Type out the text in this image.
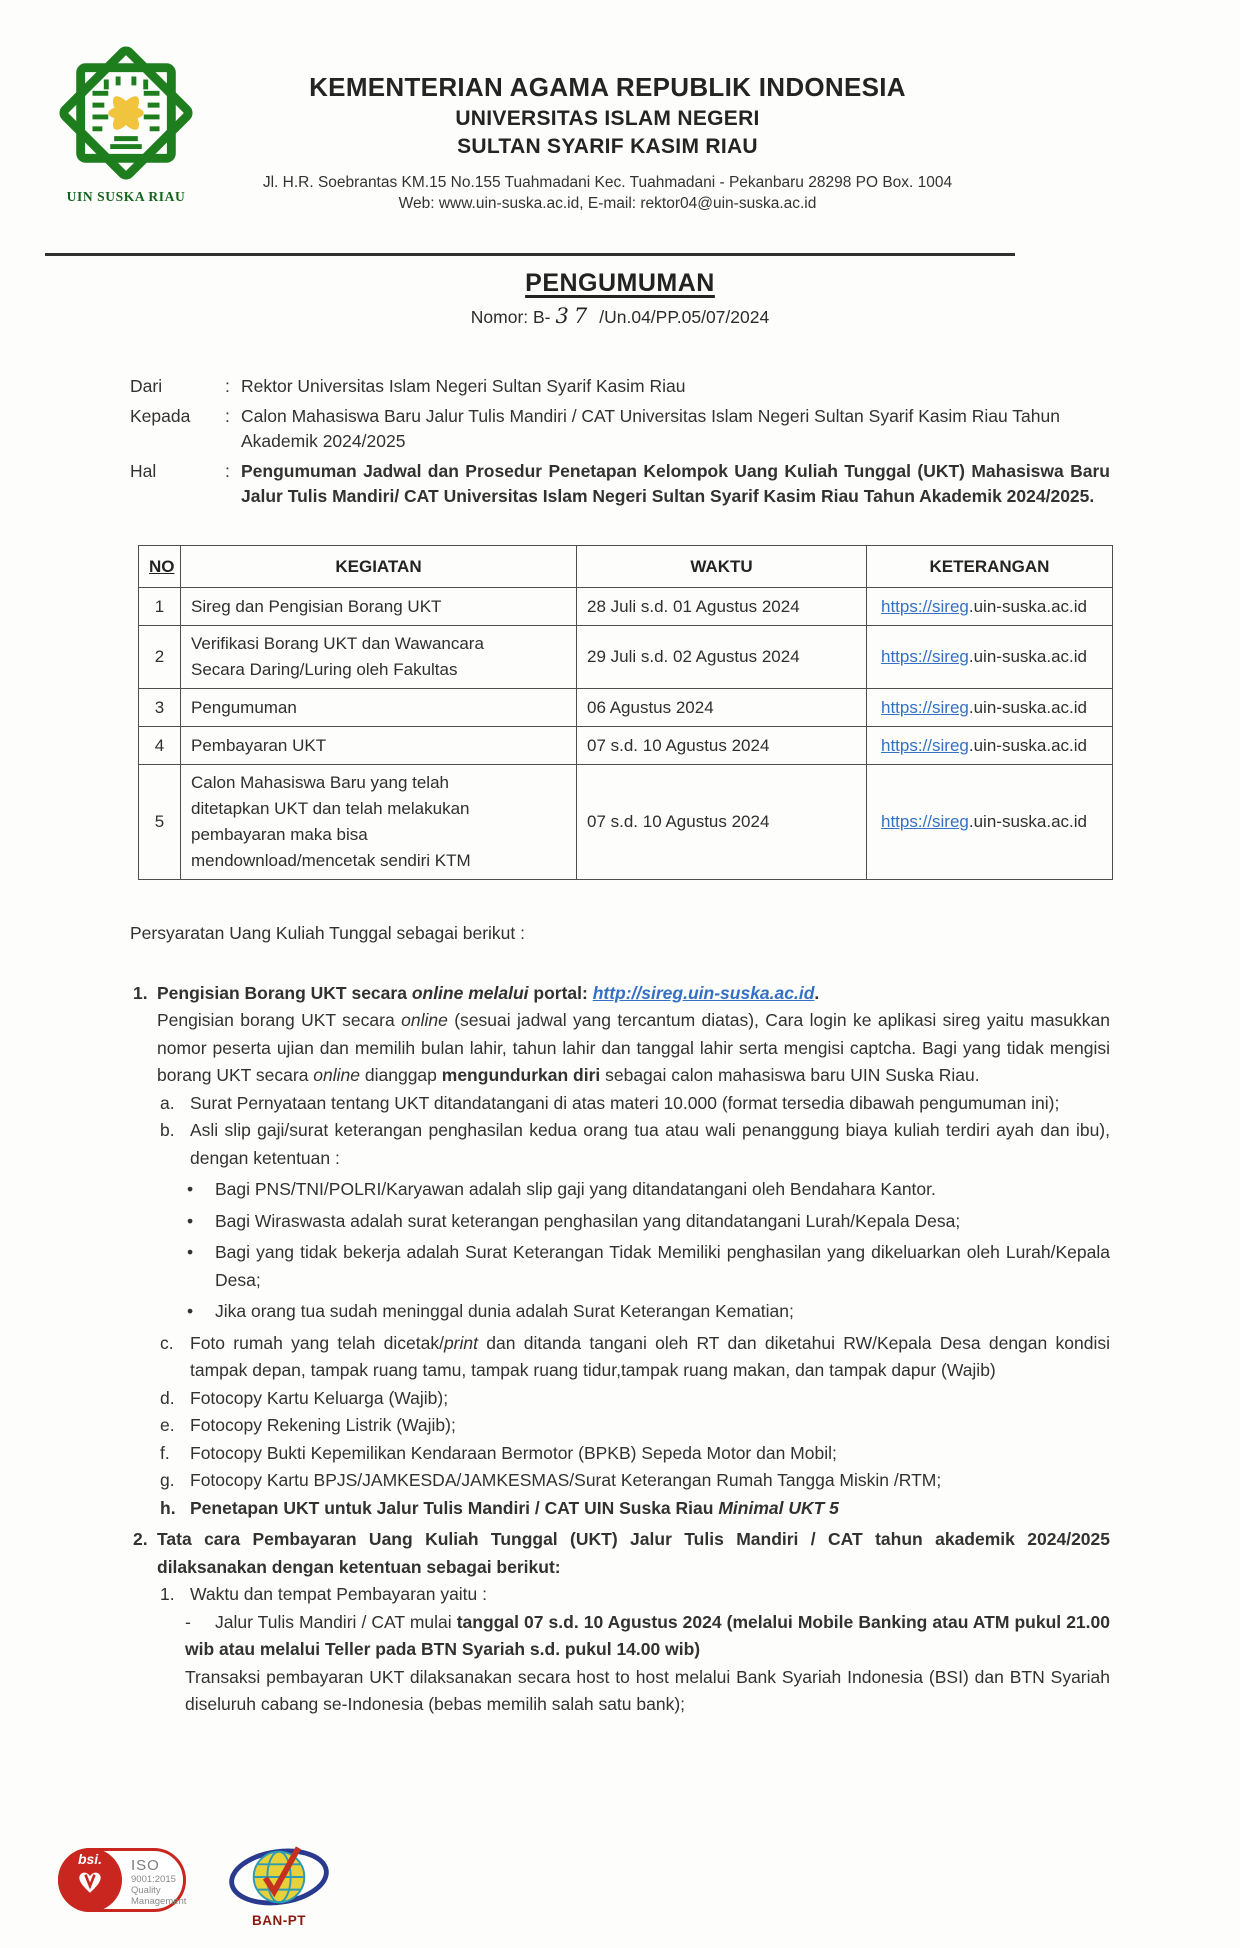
UIN SUSKA RIAU
KEMENTERIAN AGAMA REPUBLIK INDONESIA
UNIVERSITAS ISLAM NEGERI
SULTAN SYARIF KASIM RIAU
Jl. H.R. Soebrantas KM.15 No.155 Tuahmadani Kec. Tuahmadani - Pekanbaru 28298 PO Box. 1004
Web: www.uin-suska.ac.id, E-mail: rektor04@uin-suska.ac.id
PENGUMUMAN
Nomor: B- 37 /Un.04/PP.05/07/2024
Dari	: Rektor Universitas Islam Negeri Sultan Syarif Kasim Riau
Kepada	: Calon Mahasiswa Baru Jalur Tulis Mandiri / CAT Universitas Islam Negeri Sultan Syarif Kasim Riau Tahun Akademik 2024/2025
Hal	: Pengumuman Jadwal dan Prosedur Penetapan Kelompok Uang Kuliah Tunggal (UKT) Mahasiswa Baru Jalur Tulis Mandiri/ CAT Universitas Islam Negeri Sultan Syarif Kasim Riau Tahun Akademik 2024/2025.
NO	KEGIATAN	WAKTU	KETERANGAN
1	Sireg dan Pengisian Borang UKT	28 Juli s.d. 01 Agustus 2024	https://sireg.uin-suska.ac.id
2	Verifikasi Borang UKT dan Wawancara Secara Daring/Luring oleh Fakultas	29 Juli s.d. 02 Agustus 2024	https://sireg.uin-suska.ac.id
3	Pengumuman	06 Agustus 2024	https://sireg.uin-suska.ac.id
4	Pembayaran UKT	07 s.d. 10 Agustus 2024	https://sireg.uin-suska.ac.id
5	Calon Mahasiswa Baru yang telah ditetapkan UKT dan telah melakukan pembayaran maka bisa mendownload/mencetak sendiri KTM	07 s.d. 10 Agustus 2024	https://sireg.uin-suska.ac.id

Persyaratan Uang Kuliah Tunggal sebagai berikut :

1. Pengisian Borang UKT secara online melalui portal: http://sireg.uin-suska.ac.id.

Pengisian borang UKT secara online (sesuai jadwal yang tercantum diatas), Cara login ke aplikasi sireg yaitu masukkan nomor peserta ujian dan memilih bulan lahir, tahun lahir dan tanggal lahir serta mengisi captcha. Bagi yang tidak mengisi borang UKT secara online dianggap mengundurkan diri sebagai calon mahasiswa baru UIN Suska Riau.

a. Surat Pernyataan tentang UKT ditandatangani di atas materi 10.000 (format tersedia dibawah pengumuman ini);

b. Asli slip gaji/surat keterangan penghasilan kedua orang tua atau wali penanggung biaya kuliah terdiri ayah dan ibu), dengan ketentuan :

•	Bagi PNS/TNI/POLRI/Karyawan adalah slip gaji yang ditandatangani oleh Bendahara Kantor.

•	Bagi Wiraswasta adalah surat keterangan penghasilan yang ditandatangani Lurah/Kepala Desa;

•	Bagi yang tidak bekerja adalah Surat Keterangan Tidak Memiliki penghasilan yang dikeluarkan oleh Lurah/Kepala Desa;

•	Jika orang tua sudah meninggal dunia adalah Surat Keterangan Kematian;

c. Foto rumah yang telah dicetak/print dan ditanda tangani oleh RT dan diketahui RW/Kepala Desa dengan kondisi tampak depan, tampak ruang tamu, tampak ruang tidur,tampak ruang makan, dan tampak dapur (Wajib)

d. Fotocopy Kartu Keluarga (Wajib);

e. Fotocopy Rekening Listrik (Wajib);

f.	Fotocopy Bukti Kepemilikan Kendaraan Bermotor (BPKB) Sepeda Motor dan Mobil;

g. Fotocopy Kartu BPJS/JAMKESDA/JAMKESMAS/Surat Keterangan Rumah Tangga Miskin /RTM;

h. Penetapan UKT untuk Jalur Tulis Mandiri / CAT UIN Suska Riau Minimal UKT 5

2. Tata cara Pembayaran Uang Kuliah Tunggal (UKT) Jalur Tulis Mandiri / CAT tahun akademik 2024/2025 dilaksanakan dengan ketentuan sebagai berikut:

1. Waktu dan tempat Pembayaran yaitu :

- Jalur Tulis Mandiri / CAT mulai tanggal 07 s.d. 10 Agustus 2024 (melalui Mobile Banking atau ATM pukul 21.00 wib atau melalui Teller pada BTN Syariah s.d. pukul 14.00 wib)

Transaksi pembayaran UKT dilaksanakan secara host to host melalui Bank Syariah Indonesia (BSI) dan BTN Syariah diseluruh cabang se-Indonesia (bebas memilih salah satu bank);

bsi.	ISO
9001:2015
Quality
Management
BAN-PT
